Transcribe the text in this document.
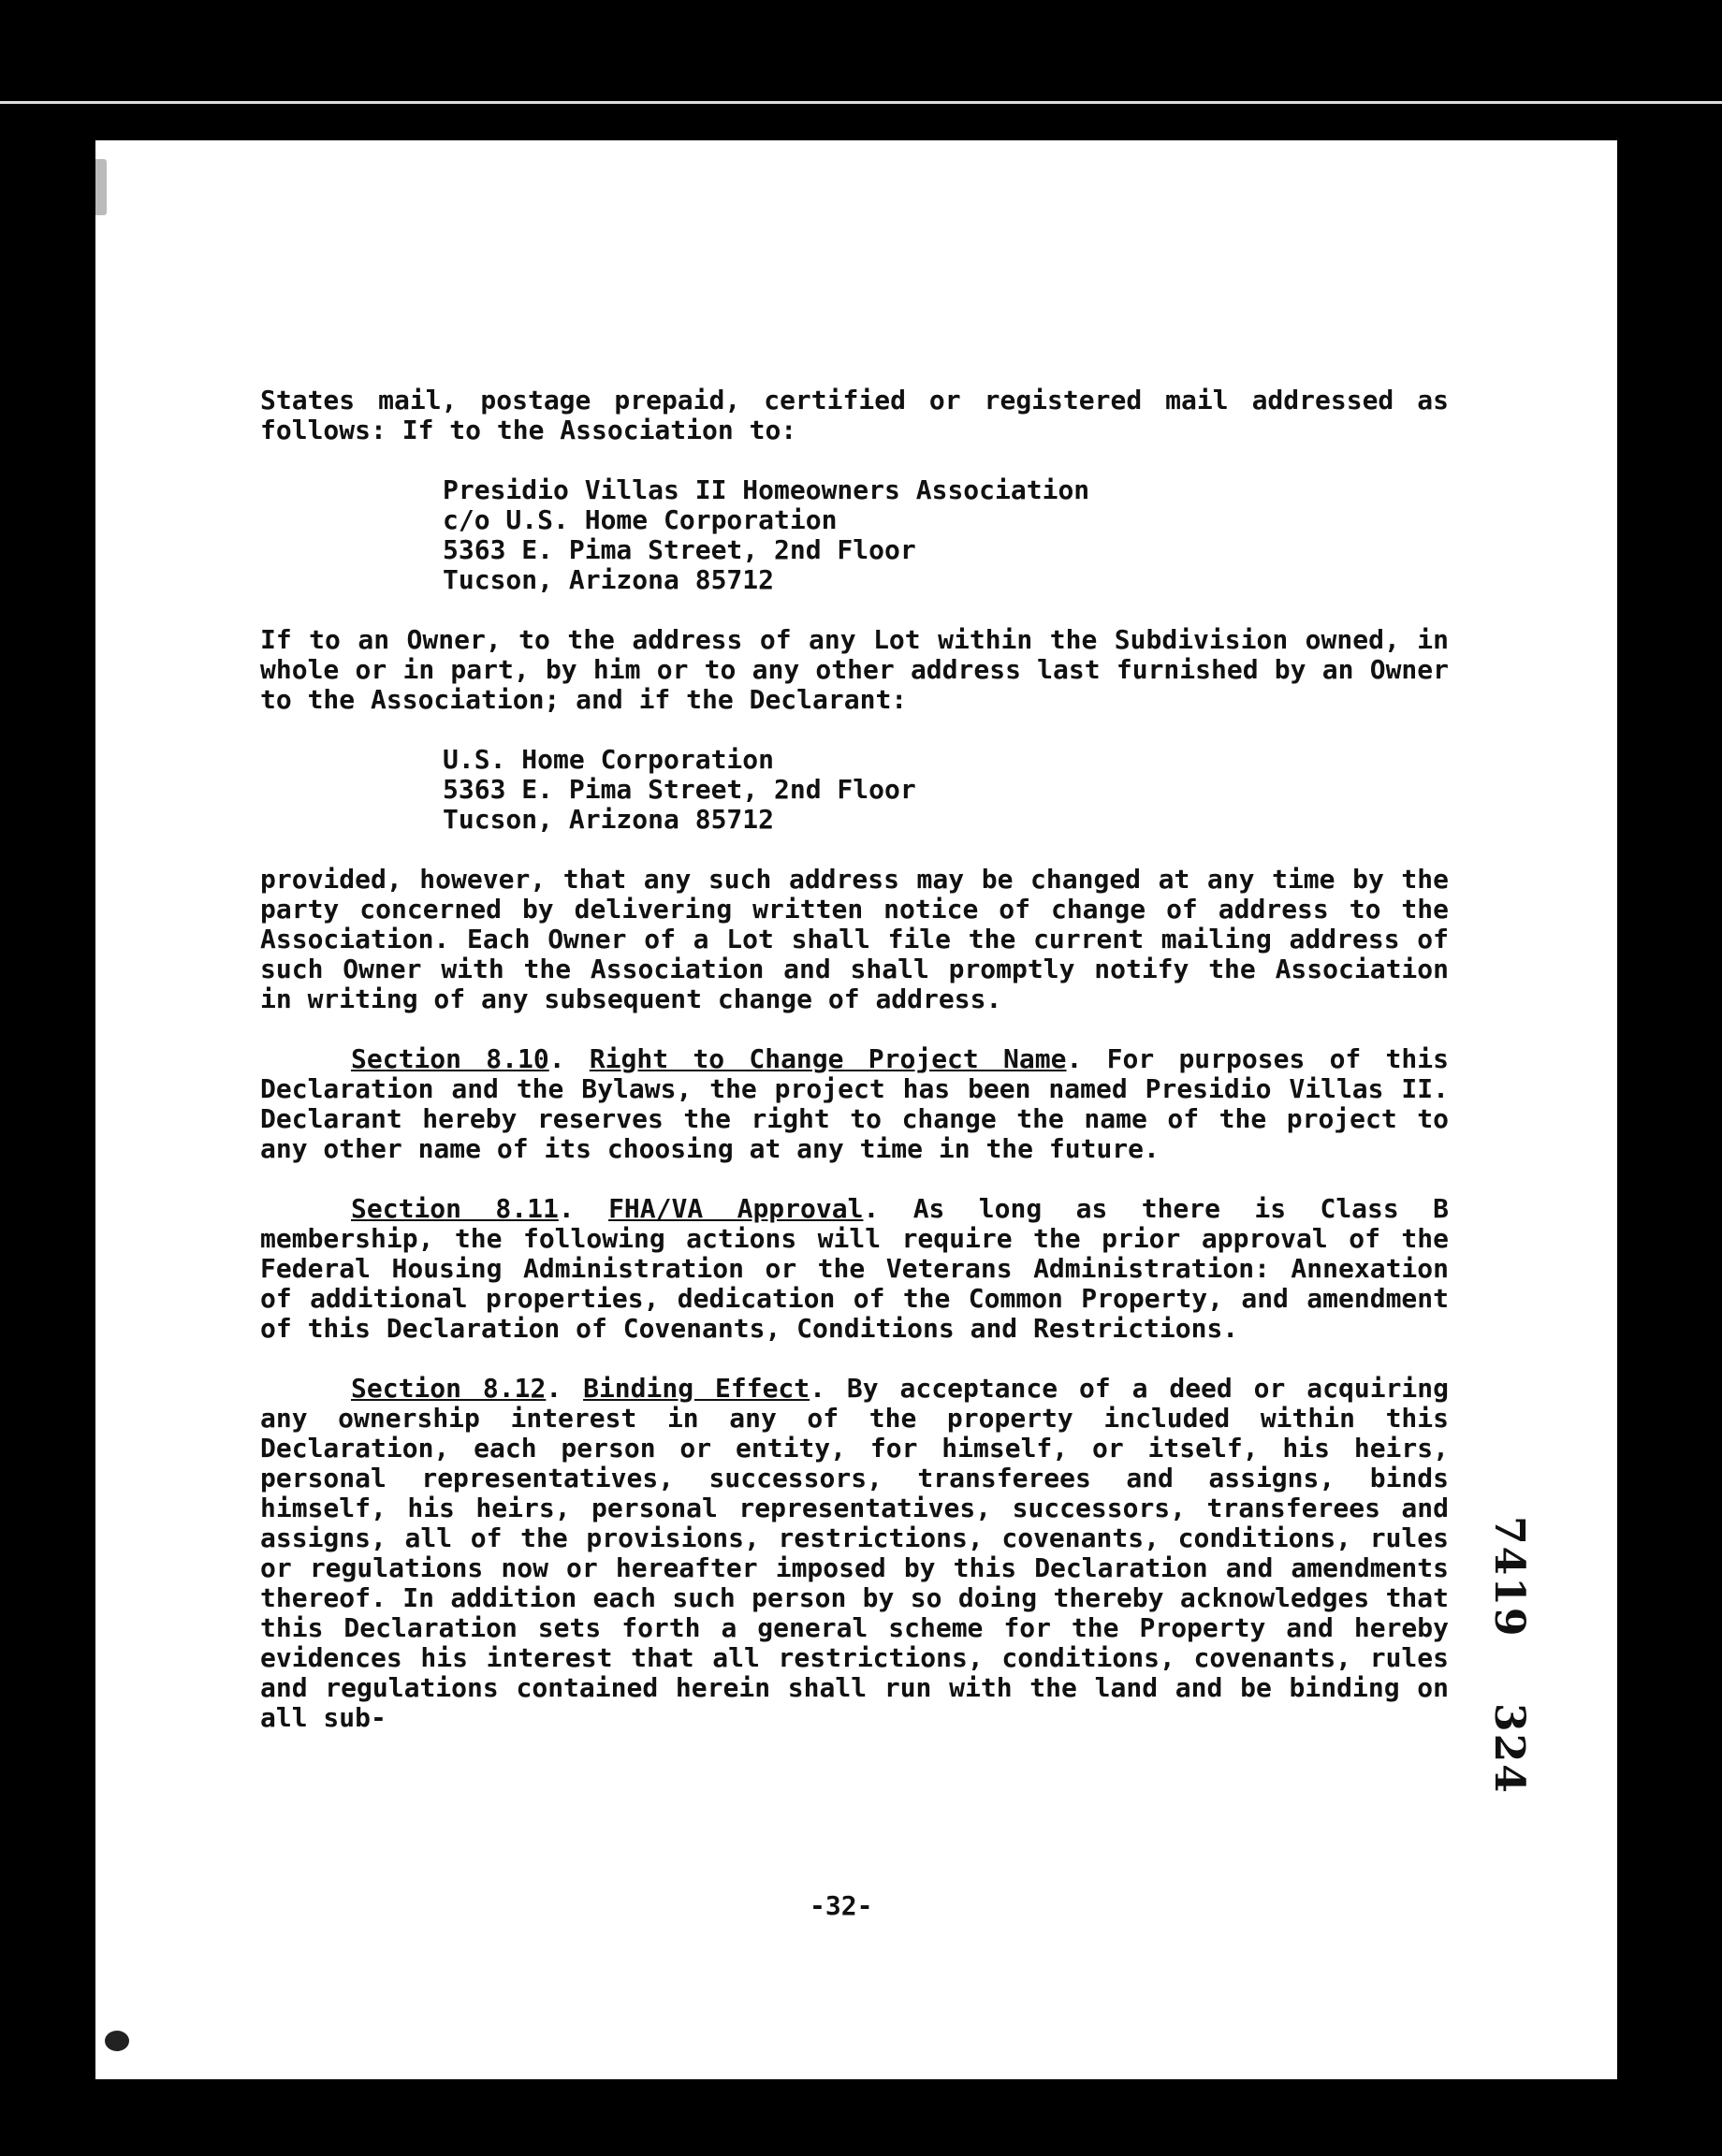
States mail, postage prepaid, certified or registered mail addressed as follows: If to the Association to:

Presidio Villas II Homeowners Association
c/o U.S. Home Corporation
5363 E. Pima Street, 2nd Floor
Tucson, Arizona 85712

If to an Owner, to the address of any Lot within the Subdivision owned, in whole or in part, by him or to any other address last furnished by an Owner to the Association; and if the Declarant:

U.S. Home Corporation
5363 E. Pima Street, 2nd Floor
Tucson, Arizona 85712

provided, however, that any such address may be changed at any time by the party concerned by delivering written notice of change of address to the Association. Each Owner of a Lot shall file the current mailing address of such Owner with the Association and shall promptly notify the Association in writing of any subsequent change of address.

Section 8.10. Right to Change Project Name. For purposes of this Declaration and the Bylaws, the project has been named Presidio Villas II. Declarant hereby reserves the right to change the name of the project to any other name of its choosing at any time in the future.

Section 8.11. FHA/VA Approval. As long as there is Class B membership, the following actions will require the prior approval of the Federal Housing Administration or the Veterans Administration: Annexation of additional properties, dedication of the Common Property, and amendment of this Declaration of Covenants, Conditions and Restrictions.

Section 8.12. Binding Effect. By acceptance of a deed or acquiring any ownership interest in any of the property included within this Declaration, each person or entity, for himself, or itself, his heirs, personal representatives, successors, transferees and assigns, binds himself, his heirs, personal representatives, successors, transferees and assigns, all of the provisions, restrictions, covenants, conditions, rules or regulations now or hereafter imposed by this Declaration and amendments thereof. In addition each such person by so doing thereby acknowledges that this Declaration sets forth a general scheme for the Property and hereby evidences his interest that all restrictions, conditions, covenants, rules and regulations contained herein shall run with the land and be binding on all sub-

-32-
7419
324
